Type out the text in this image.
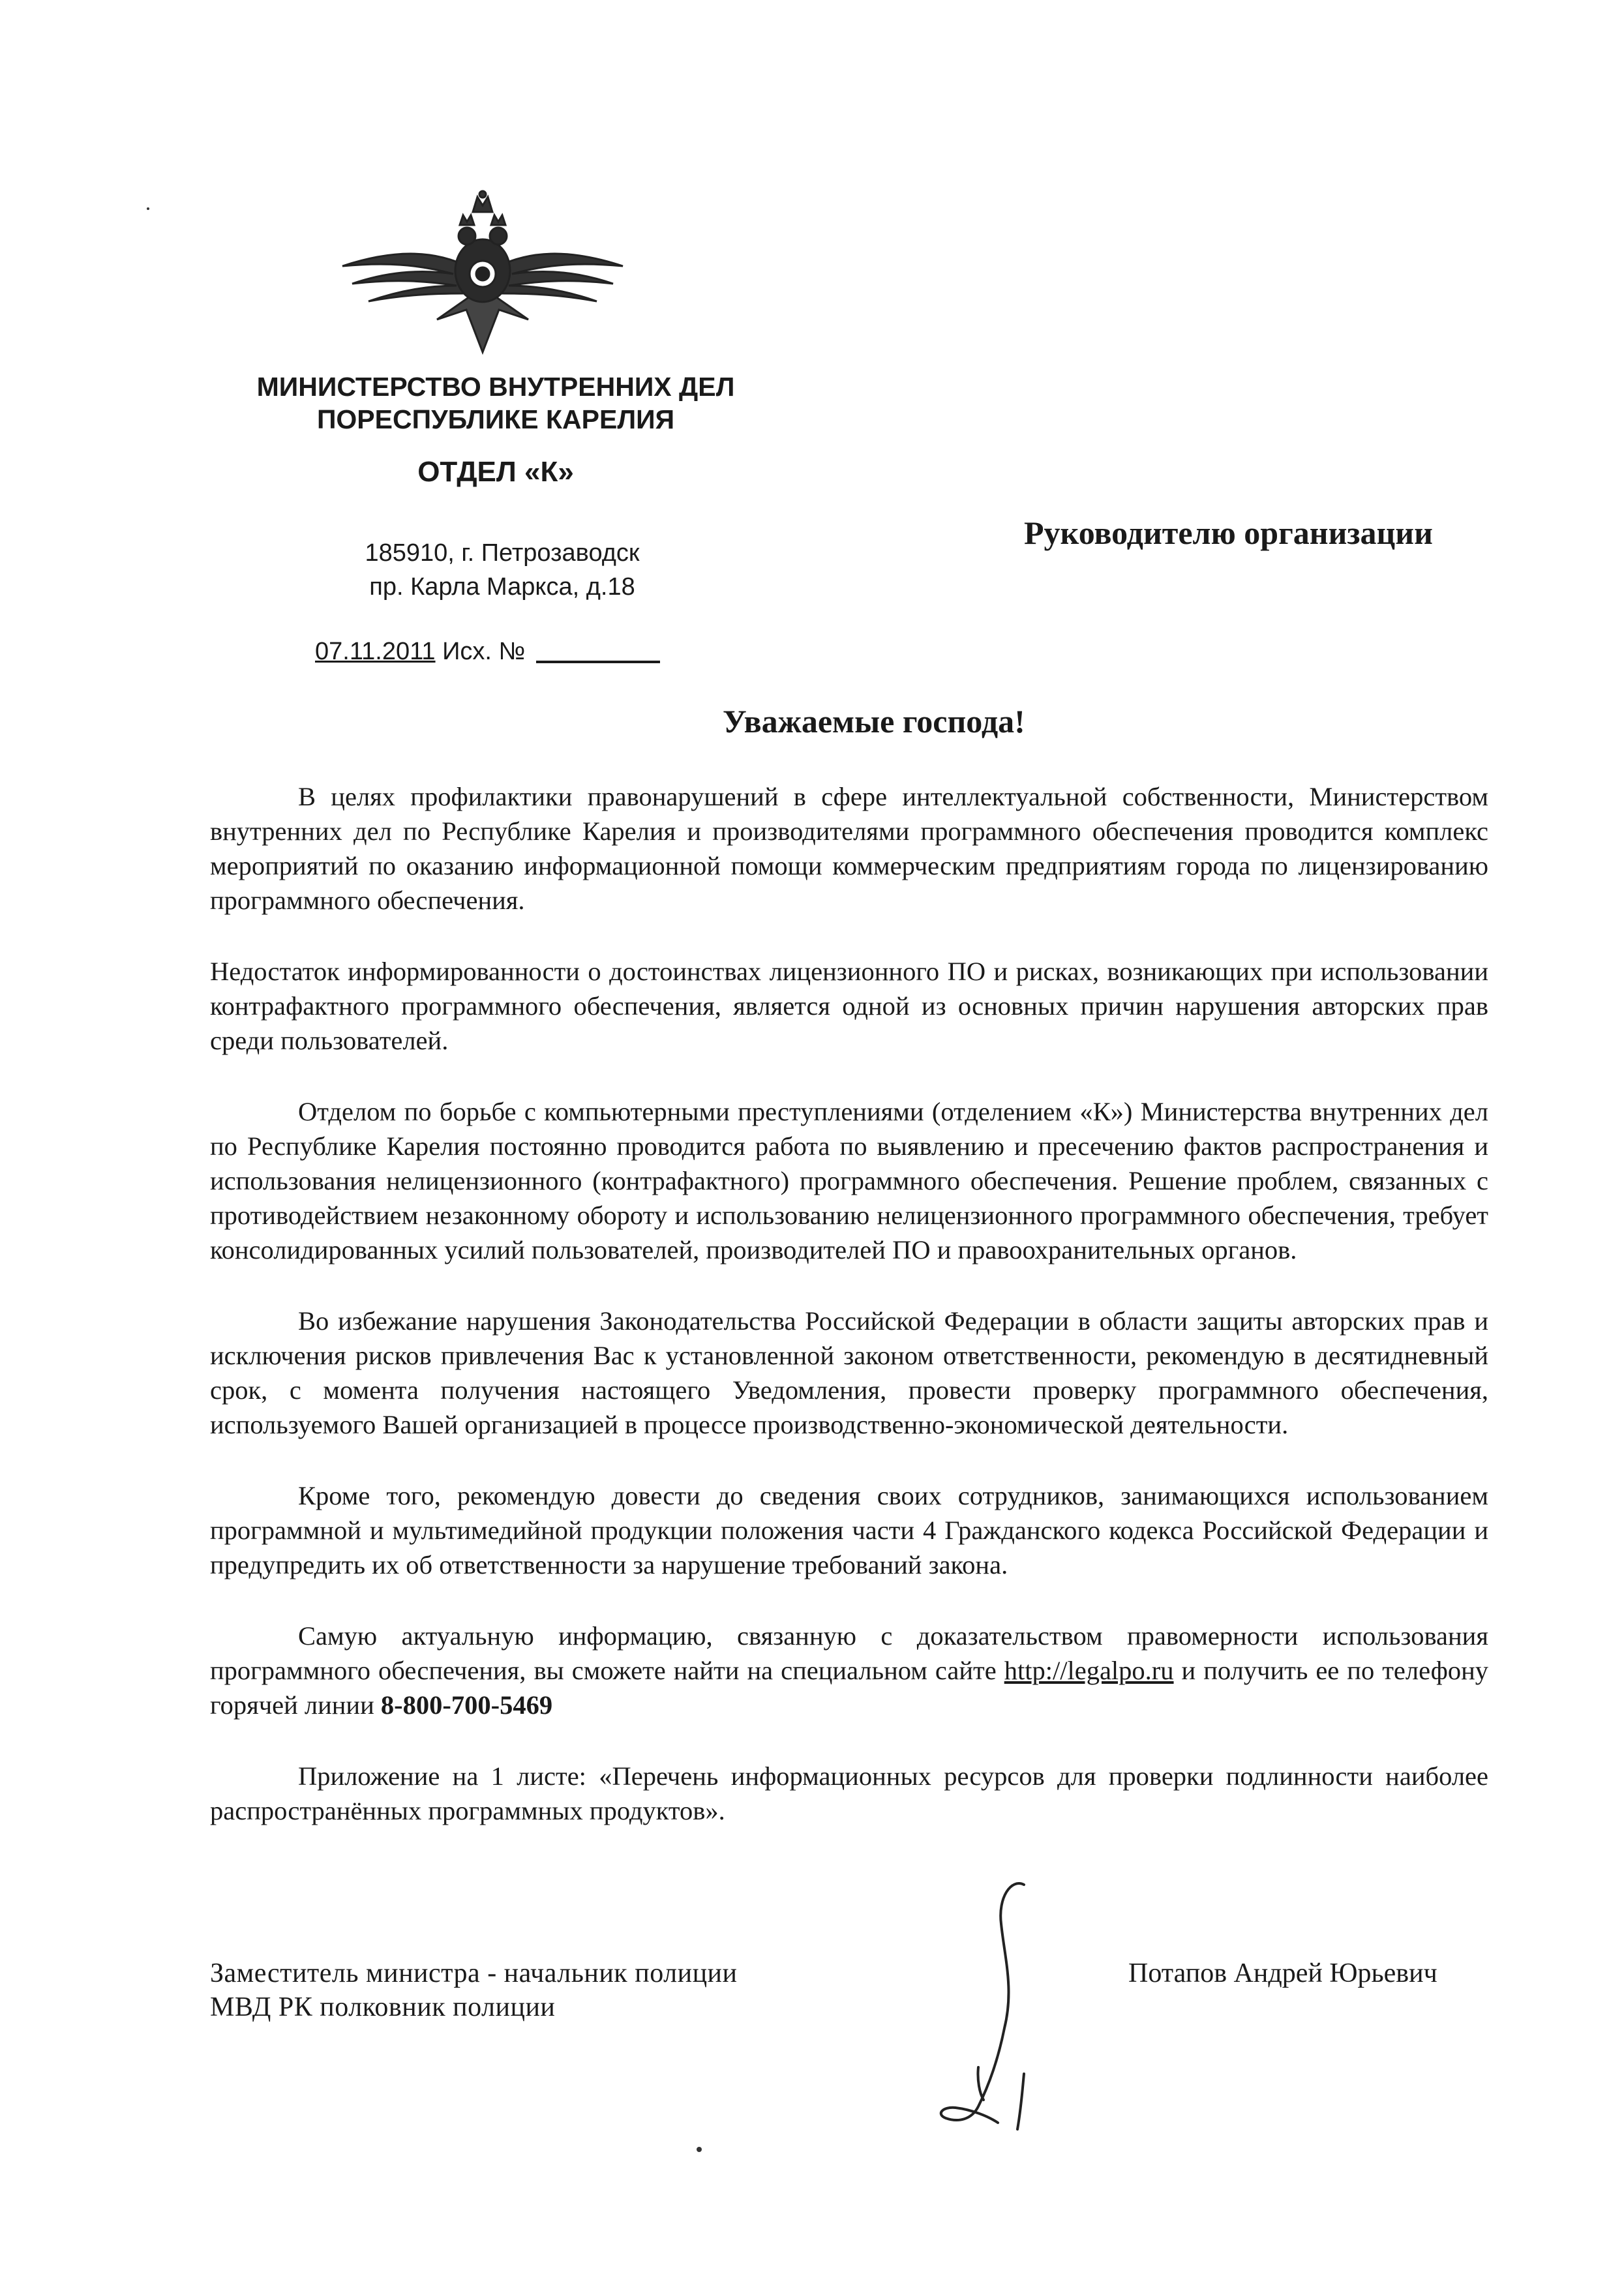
МИНИСТЕРСТВО ВНУТРЕННИХ ДЕЛ
ПОРЕСПУБЛИКЕ КАРЕЛИЯ
ОТДЕЛ «К»
185910, г. Петрозаводск
пр. Карла Маркса, д.18
07.11.2011 Исх. №
Руководителю организации
Уважаемые господа!

В целях профилактики правонарушений в сфере интеллектуальной собственности, Министерством внутренних дел по Республике Карелия и производителями программного обеспечения проводится комплекс мероприятий по оказанию информационной помощи коммерческим предприятиям города по лицензированию программного обеспечения.

Недостаток информированности о достоинствах лицензионного ПО и рисках, возникающих при использовании контрафактного программного обеспечения, является одной из основных причин нарушения авторских прав среди пользователей.

Отделом по борьбе с компьютерными преступлениями (отделением «К») Министерства внутренних дел по Республике Карелия постоянно проводится работа по выявлению и пресечению фактов распространения и использования нелицензионного (контрафактного) программного обеспечения. Решение проблем, связанных с противодействием незаконному обороту и использованию нелицензионного программного обеспечения, требует консолидированных усилий пользователей, производителей ПО и правоохранительных органов.

Во избежание нарушения Законодательства Российской Федерации в области защиты авторских прав и исключения рисков привлечения Вас к установленной законом ответственности, рекомендую в десятидневный срок, с момента получения настоящего Уведомления, провести проверку программного обеспечения, используемого Вашей организацией в процессе производственно-экономической деятельности.

Кроме того, рекомендую довести до сведения своих сотрудников, занимающихся использованием программной и мультимедийной продукции положения части 4 Гражданского кодекса Российской Федерации и предупредить их об ответственности за нарушение требований закона.

Самую актуальную информацию, связанную с доказательством правомерности использования программного обеспечения, вы сможете найти на специальном сайте http://legalpo.ru и получить ее по телефону горячей линии 8-800-700-5469

Приложение на 1 листе: «Перечень информационных ресурсов для проверки подлинности наиболее распространённых программных продуктов».

Заместитель министра - начальник полиции
МВД РК полковник полиции
Потапов Андрей Юрьевич
